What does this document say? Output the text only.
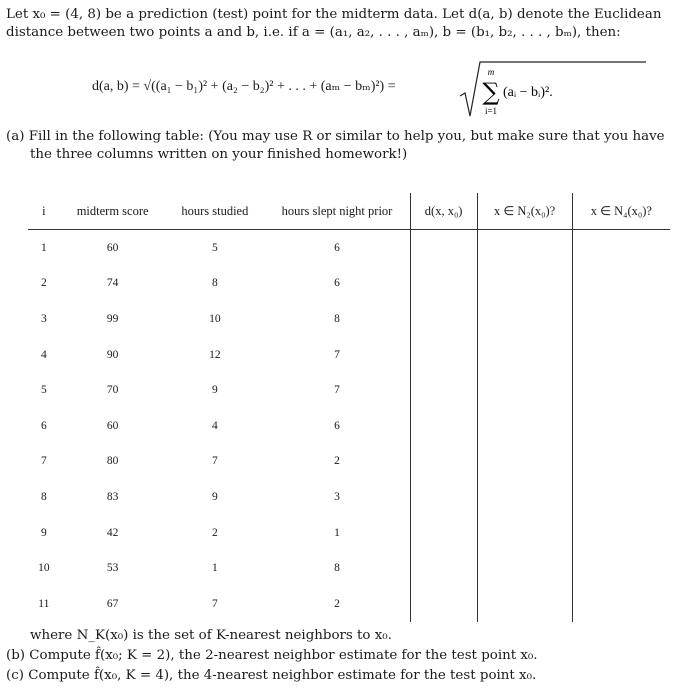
Let x₀ = (4, 8) be a prediction (test) point for the midterm data. Let d(a, b) denote the Euclidean
distance between two points a and b, i.e. if a = (a₁, a₂, . . . , aₘ), b = (b₁, b₂, . . . , bₘ), then:
d(a, b) = √((a₁ − b₁)² + (a₂ − b₂)² + . . . + (aₘ − bₘ)²) =
m
∑
i=1
(aᵢ − bᵢ)².
(a) Fill in the following table: (You may use R or similar to help you, but make sure that you have
the three columns written on your finished homework!)
i	midterm score	hours studied	hours slept night prior	d(x, x₀)	x ∈ N₂(x₀)?	x ∈ N₄(x₀)?
1	60	5	6			
2	74	8	6			
3	99	10	8			
4	90	12	7			
5	70	9	7			
6	60	4	6			
7	80	7	2			
8	83	9	3			
9	42	2	1			
10	53	1	8			
11	67	7	2			
where N_K(x₀) is the set of K-nearest neighbors to x₀.
(b) Compute f̂(x₀; K = 2), the 2-nearest neighbor estimate for the test point x₀.
(c) Compute f̂(x₀, K = 4), the 4-nearest neighbor estimate for the test point x₀.
